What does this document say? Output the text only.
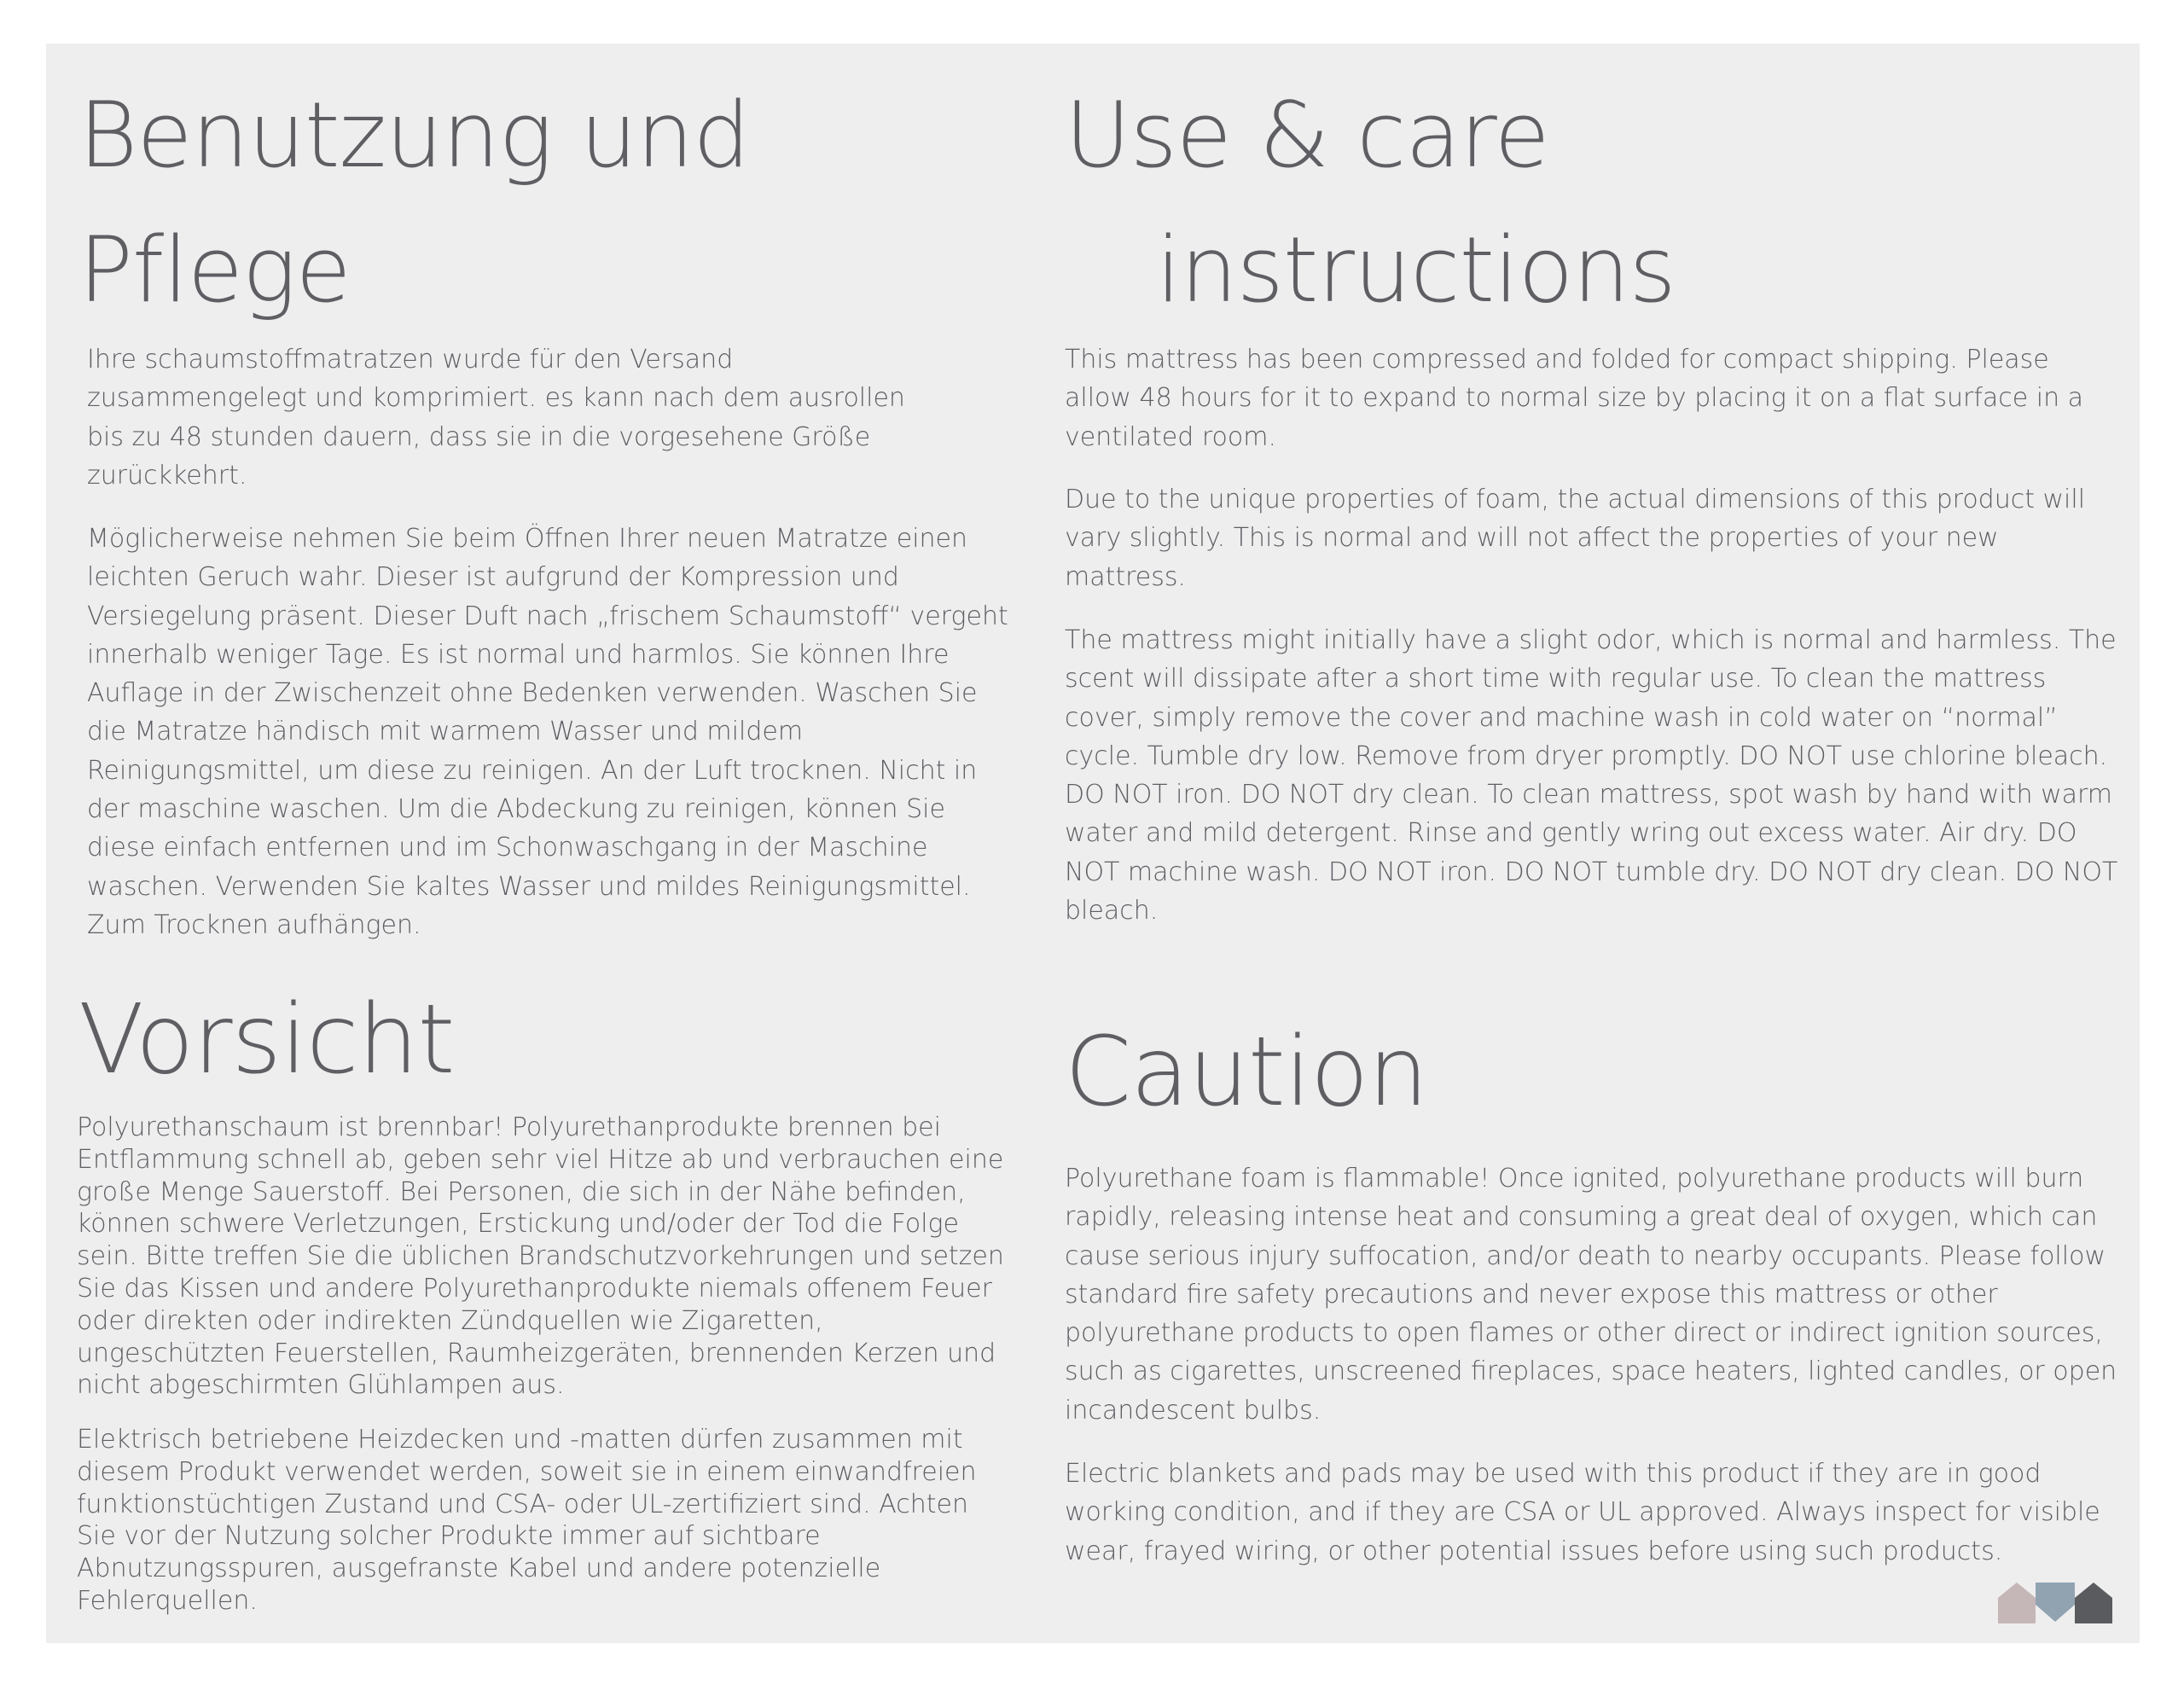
Benutzung und
Pflege

Ihre schaumstoffmatratzen wurde für den Versand zusammengelegt und komprimiert. es kann nach dem ausrollen bis zu 48 stunden dauern, dass sie in die vorgesehene Größe zurückkehrt.

Möglicherweise nehmen Sie beim Öffnen Ihrer neuen Matratze einen leichten Geruch wahr. Dieser ist aufgrund der Kompression und Versiegelung präsent. Dieser Duft nach „frischem Schaumstoff“ vergeht innerhalb weniger Tage. Es ist normal und harmlos. Sie können Ihre Auflage in der Zwischenzeit ohne Bedenken verwenden. Waschen Sie die Matratze händisch mit warmem Wasser und mildem Reinigungsmittel, um diese zu reinigen. An der Luft trocknen. Nicht in der maschine waschen. Um die Abdeckung zu reinigen, können Sie diese einfach entfernen und im Schonwaschgang in der Maschine waschen. Verwenden Sie kaltes Wasser und mildes Reinigungsmittel. Zum Trocknen aufhängen.

Vorsicht

Polyurethanschaum ist brennbar! Polyurethanprodukte brennen bei Entflammung schnell ab, geben sehr viel Hitze ab und verbrauchen eine große Menge Sauerstoff. Bei Personen, die sich in der Nähe befinden, können schwere Verletzungen, Erstickung und/oder der Tod die Folge sein. Bitte treffen Sie die üblichen Brandschutzvorkehrungen und setzen Sie das Kissen und andere Polyurethanprodukte niemals offenem Feuer oder direkten oder indirekten Zündquellen wie Zigaretten, ungeschützten Feuerstellen, Raumheizgeräten, brennenden Kerzen und nicht abgeschirmten Glühlampen aus.

Elektrisch betriebene Heizdecken und -matten dürfen zusammen mit diesem Produkt verwendet werden, soweit sie in einem einwandfreien funktionstüchtigen Zustand und CSA- oder UL-zertifiziert sind. Achten Sie vor der Nutzung solcher Produkte immer auf sichtbare Abnutzungsspuren, ausgefranste Kabel und andere potenzielle Fehlerquellen.

Use & care
instructions

This mattress has been compressed and folded for compact shipping. Please allow 48 hours for it to expand to normal size by placing it on a flat surface in a ventilated room.

Due to the unique properties of foam, the actual dimensions of this product will vary slightly. This is normal and will not affect the properties of your new mattress.

The mattress might initially have a slight odor, which is normal and harmless. The scent will dissipate after a short time with regular use. To clean the mattress cover, simply remove the cover and machine wash in cold water on “normal” cycle. Tumble dry low. Remove from dryer promptly. DO NOT use chlorine bleach. DO NOT iron. DO NOT dry clean. To clean mattress, spot wash by hand with warm water and mild detergent. Rinse and gently wring out excess water. Air dry. DO NOT machine wash. DO NOT iron. DO NOT tumble dry. DO NOT dry clean. DO NOT bleach.

Caution

Polyurethane foam is flammable! Once ignited, polyurethane products will burn rapidly, releasing intense heat and consuming a great deal of oxygen, which can cause serious injury suffocation, and/or death to nearby occupants. Please follow standard fire safety precautions and never expose this mattress or other polyurethane products to open flames or other direct or indirect ignition sources, such as cigarettes, unscreened fireplaces, space heaters, lighted candles, or open incandescent bulbs.

Electric blankets and pads may be used with this product if they are in good working condition, and if they are CSA or UL approved. Always inspect for visible wear, frayed wiring, or other potential issues before using such products.
